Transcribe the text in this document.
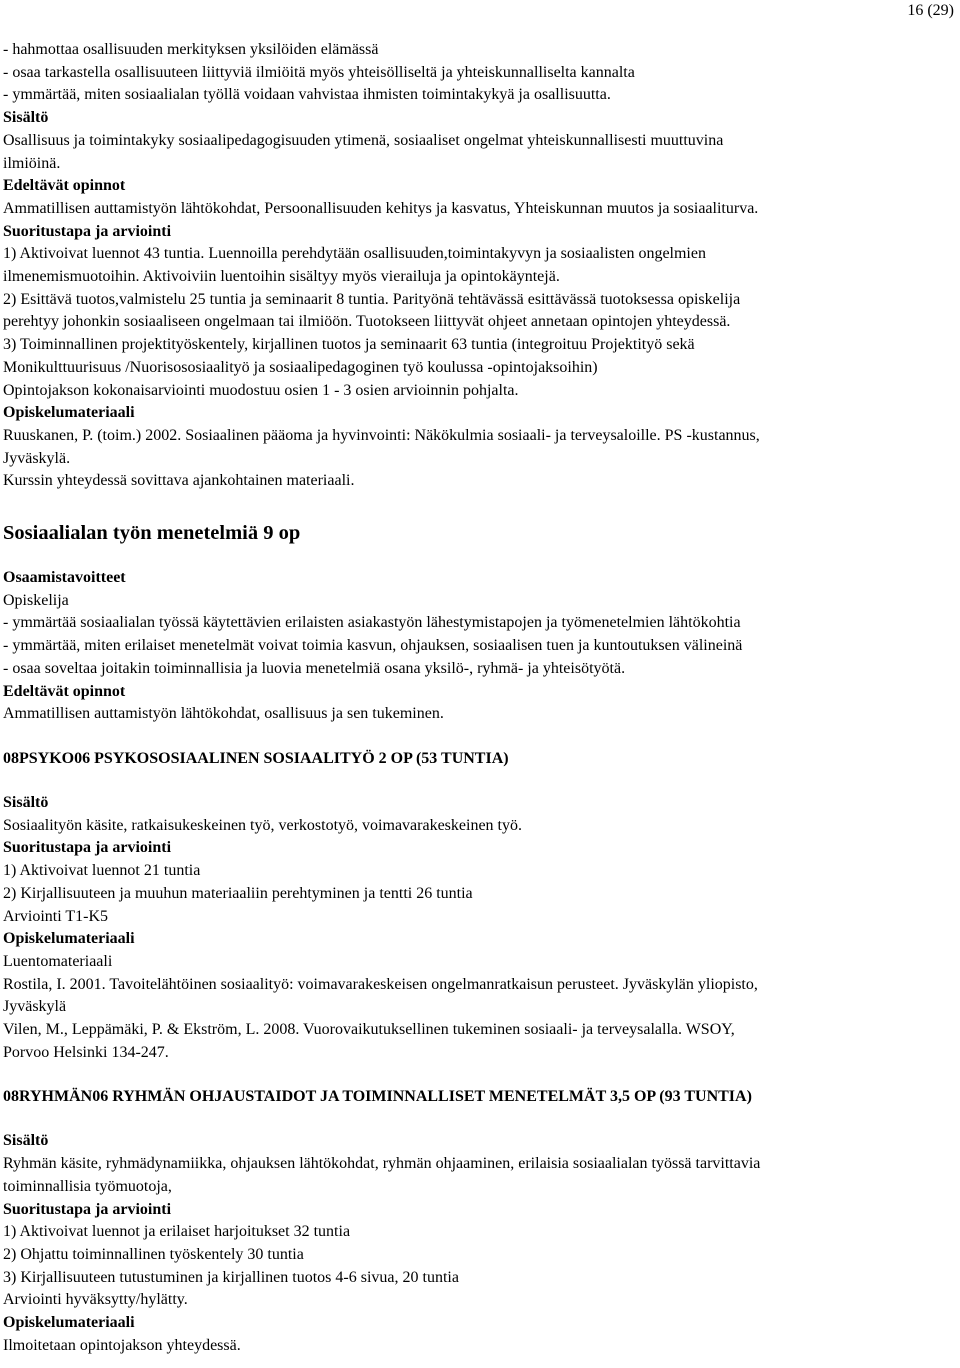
16 (29)
- hahmottaa osallisuuden merkityksen yksilöiden elämässä
- osaa tarkastella osallisuuteen liittyviä ilmiöitä myös yhteisölliseltä ja yhteiskunnalliselta kannalta
- ymmärtää, miten sosiaalialan työllä voidaan vahvistaa ihmisten toimintakykyä ja osallisuutta.
Sisältö
Osallisuus ja toimintakyky sosiaalipedagogisuuden ytimenä, sosiaaliset ongelmat yhteiskunnallisesti muuttuvina
ilmiöinä.
Edeltävät opinnot
Ammatillisen auttamistyön lähtökohdat, Persoonallisuuden kehitys ja kasvatus, Yhteiskunnan muutos ja sosiaaliturva.
Suoritustapa ja arviointi
1) Aktivoivat luennot 43 tuntia. Luennoilla perehdytään osallisuuden,toimintakyvyn ja sosiaalisten ongelmien
ilmenemismuotoihin. Aktivoiviin luentoihin sisältyy myös vierailuja ja opintokäyntejä.
2) Esittävä tuotos,valmistelu 25 tuntia ja seminaarit 8 tuntia. Parityönä tehtävässä esittävässä tuotoksessa opiskelija
perehtyy johonkin sosiaaliseen ongelmaan tai ilmiöön. Tuotokseen liittyvät ohjeet annetaan opintojen yhteydessä.
3) Toiminnallinen projektityöskentely, kirjallinen tuotos ja seminaarit 63 tuntia (integroituu Projektityö sekä
Monikulttuurisuus /Nuorisososiaalityö ja sosiaalipedagoginen työ koulussa -opintojaksoihin)
Opintojakson kokonaisarviointi muodostuu osien 1 - 3 osien arvioinnin pohjalta.
Opiskelumateriaali
Ruuskanen, P. (toim.) 2002. Sosiaalinen pääoma ja hyvinvointi: Näkökulmia sosiaali- ja terveysaloille. PS -kustannus,
Jyväskylä.
Kurssin yhteydessä sovittava ajankohtainen materiaali.
Sosiaalialan työn menetelmiä 9 op
Osaamistavoitteet
Opiskelija
- ymmärtää sosiaalialan työssä käytettävien erilaisten asiakastyön lähestymistapojen ja työmenetelmien lähtökohtia
- ymmärtää, miten erilaiset menetelmät voivat toimia kasvun, ohjauksen, sosiaalisen tuen ja kuntoutuksen välineinä
- osaa soveltaa joitakin toiminnallisia ja luovia menetelmiä osana yksilö-, ryhmä- ja yhteisötyötä.
Edeltävät opinnot
Ammatillisen auttamistyön lähtökohdat, osallisuus ja sen tukeminen.
08PSYKO06 PSYKOSOSIAALINEN SOSIAALITYÖ 2 OP (53 TUNTIA)
Sisältö
Sosiaalityön käsite, ratkaisukeskeinen työ, verkostotyö, voimavarakeskeinen työ.
Suoritustapa ja arviointi
1) Aktivoivat luennot 21 tuntia
2) Kirjallisuuteen ja muuhun materiaaliin perehtyminen ja tentti 26 tuntia
Arviointi T1-K5
Opiskelumateriaali
Luentomateriaali
Rostila, I. 2001. Tavoitelähtöinen sosiaalityö: voimavarakeskeisen ongelmanratkaisun perusteet. Jyväskylän yliopisto,
Jyväskylä
Vilen, M., Leppämäki, P. & Ekström, L. 2008. Vuorovaikutuksellinen tukeminen sosiaali- ja terveysalalla. WSOY,
Porvoo Helsinki 134-247.
08RYHMÄN06 RYHMÄN OHJAUSTAIDOT JA TOIMINNALLISET MENETELMÄT 3,5 OP (93 TUNTIA)
Sisältö
Ryhmän käsite, ryhmädynamiikka, ohjauksen lähtökohdat, ryhmän ohjaaminen, erilaisia sosiaalialan työssä tarvittavia
toiminnallisia työmuotoja,
Suoritustapa ja arviointi
1) Aktivoivat luennot ja erilaiset harjoitukset 32 tuntia
2) Ohjattu toiminnallinen työskentely 30 tuntia
3) Kirjallisuuteen tutustuminen ja kirjallinen tuotos 4-6 sivua, 20 tuntia
Arviointi hyväksytty/hylätty.
Opiskelumateriaali
Ilmoitetaan opintojakson yhteydessä.
